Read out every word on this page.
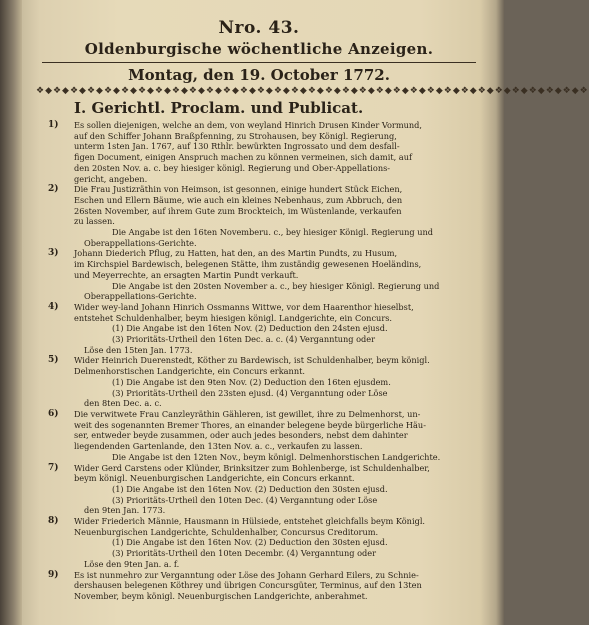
Nro. 43.
Oldenburgische wöchentliche Anzeigen.
Montag, den 19. October 1772.
❖◆❖◆❖◆❖◆❖◆❖◆❖◆❖◆❖◆❖◆❖◆❖◆❖◆❖◆❖◆❖◆❖◆❖◆❖◆❖◆❖◆❖◆❖◆❖◆❖◆❖◆❖◆❖◆❖◆❖◆❖◆❖◆❖
I. Gerichtl. Proclam. und Publicat.
1) Es sollen diejenigen, welche an dem, von weyland Hinrich Drusen Kinder Vormund,
auf den Schiffer Johann Braßpfenning, zu Strohausen, bey Königl. Regierung,
unterm 1sten Jan. 1767, auf 130 Rthlr. bewürkten Ingrossato und dem desfall-
figen Document, einigen Anspruch machen zu können vermeinen, sich damit, auf
den 20sten Nov. a. c. bey hiesiger königl. Regierung und Ober-Appellations-
gericht, angeben.
2) Die Frau Justizräthin von Heimson, ist gesonnen, einige hundert Stück Eichen,
Eschen und Ellern Bäume, wie auch ein kleines Nebenhaus, zum Abbruch, den
26sten November, auf ihrem Gute zum Brockteich, im Wüstenlande, verkaufen
zu lassen.
Die Angabe ist den 16ten Novemberu. c., bey hiesiger Königl. Regierung und
Oberappellations-Gerichte.
3) Johann Diederich Pflug, zu Hatten, hat den, an des Martin Pundts, zu Husum,
im Kirchspiel Bardewisch, belegenen Stätte, ihm zuständig gewesenen Hoeländins,
und Meyerrechte, an ersagten Martin Pundt verkauft.
Die Angabe ist den 20sten November a. c., bey hiesiger Königl. Regierung und
Oberappellations-Gerichte.
4) Wider wey-land Johann Hinrich Ossmanns Wittwe, vor dem Haarenthor hieselbst,
entstehet Schuldenhalber, beym hiesigen königl. Landgerichte, ein Concurs.
(1) Die Angabe ist den 16ten Nov. (2) Deduction den 24sten ejusd.
(3) Prioritäts-Urtheil den 16ten Dec. a. c. (4) Verganntung oder
Löse den 15ten Jan. 1773.
5) Wider Heinrich Duerenstedt, Köther zu Bardewisch, ist Schuldenhalber, beym königl.
Delmenhorstischen Landgerichte, ein Concurs erkannt.
(1) Die Angabe ist den 9ten Nov. (2) Deduction den 16ten ejusdem.
(3) Prioritäts-Urtheil den 23sten ejusd. (4) Verganntung oder Löse
den 8ten Dec. a. c.
6) Die verwitwete Frau Canzleyräthin Gähleren, ist gewillet, ihre zu Delmenhorst, un-
weit des sogenannten Bremer Thores, an einander belegene beyde bürgerliche Häu-
ser, entweder beyde zusammen, oder auch jedes besonders, nebst dem dahinter
liegendenden Gartenlande, den 13ten Nov. a. c., verkaufen zu lassen.
Die Angabe ist den 12ten Nov., beym königl. Delmenhorstischen Landgerichte.
7) Wider Gerd Carstens oder Klünder, Brinksitzer zum Bohlenberge, ist Schuldenhalber,
beym königl. Neuenburgischen Landgerichte, ein Concurs erkannt.
(1) Die Angabe ist den 16ten Nov. (2) Deduction den 30sten ejusd.
(3) Prioritäts-Urtheil den 10ten Dec. (4) Verganntung oder Löse
den 9ten Jan. 1773.
8) Wider Friederich Männie, Hausmann in Hülsiede, entstehet gleichfalls beym Königl.
Neuenburgischen Landgerichte, Schuldenhalber, Concursus Creditorum.
(1) Die Angabe ist den 16ten Nov. (2) Deduction den 30sten ejusd.
(3) Prioritäts-Urtheil den 10ten Decembr. (4) Verganntung oder
Löse den 9ten Jan. a. f.
9) Es ist nunmehro zur Verganntung oder Löse des Johann Gerhard Eilers, zu Schnie-
dershausen belegenen Köthrey und übrigen Concursgüter, Terminus, auf den 13ten
November, beym königl. Neuenburgischen Landgerichte, anberahmet.
